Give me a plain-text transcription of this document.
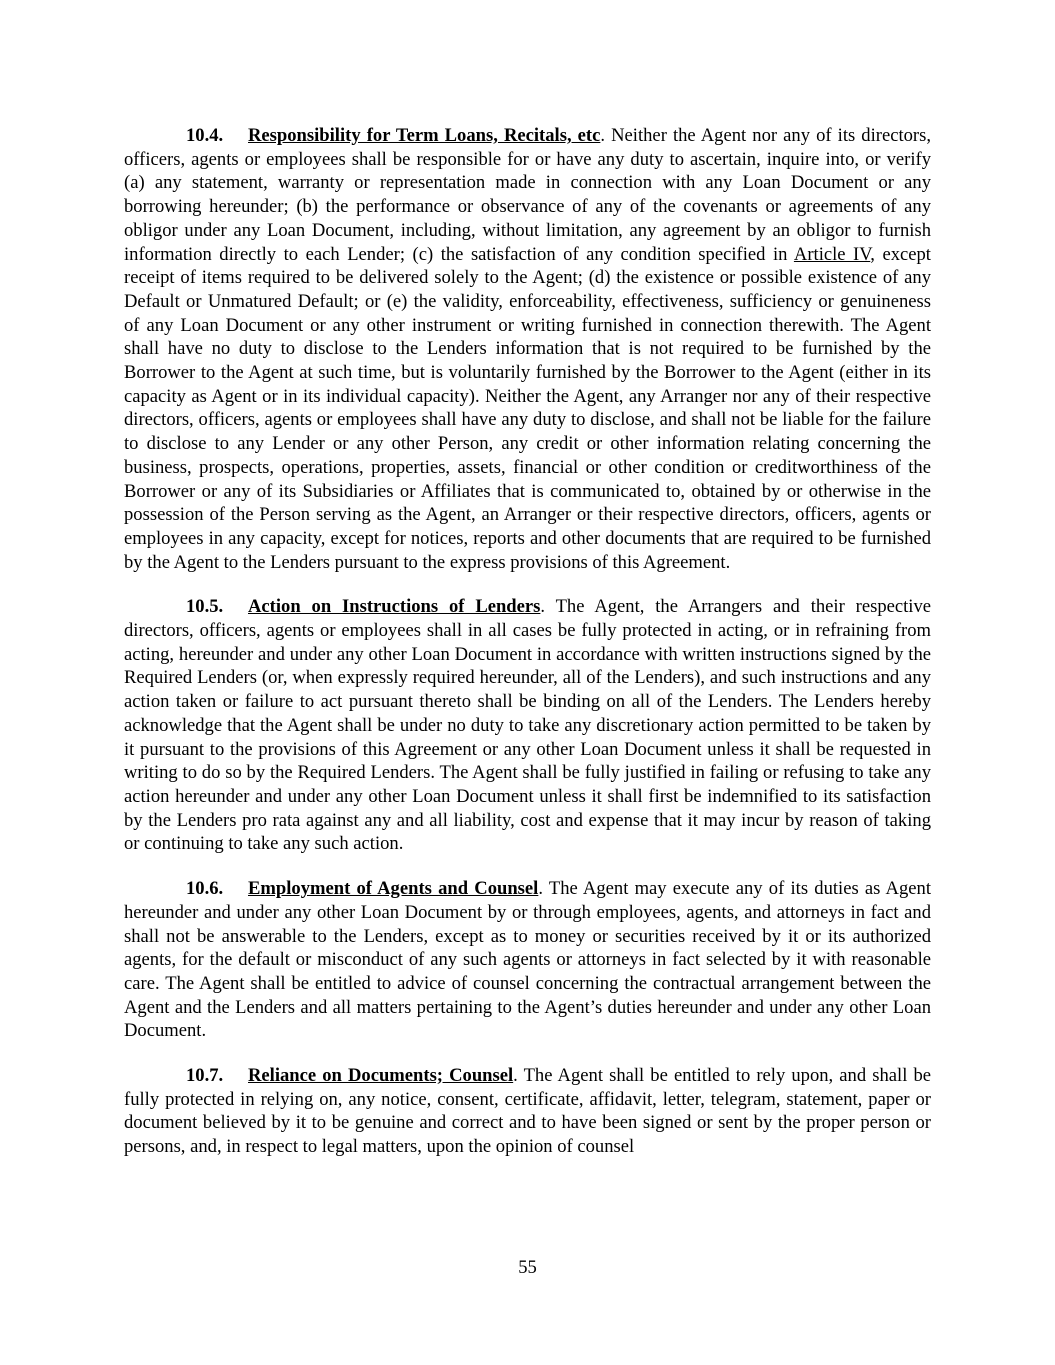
10.4. Responsibility for Term Loans, Recitals, etc. Neither the Agent nor any of its directors, officers, agents or employees shall be responsible for or have any duty to ascertain, inquire into, or verify (a) any statement, warranty or representation made in connection with any Loan Document or any borrowing hereunder; (b) the performance or observance of any of the covenants or agreements of any obligor under any Loan Document, including, without limitation, any agreement by an obligor to furnish information directly to each Lender; (c) the satisfaction of any condition specified in Article IV, except receipt of items required to be delivered solely to the Agent; (d) the existence or possible existence of any Default or Unmatured Default; or (e) the validity, enforceability, effectiveness, sufficiency or genuineness of any Loan Document or any other instrument or writing furnished in connection therewith. The Agent shall have no duty to disclose to the Lenders information that is not required to be furnished by the Borrower to the Agent at such time, but is voluntarily furnished by the Borrower to the Agent (either in its capacity as Agent or in its individual capacity). Neither the Agent, any Arranger nor any of their respective directors, officers, agents or employees shall have any duty to disclose, and shall not be liable for the failure to disclose to any Lender or any other Person, any credit or other information relating concerning the business, prospects, operations, properties, assets, financial or other condition or creditworthiness of the Borrower or any of its Subsidiaries or Affiliates that is communicated to, obtained by or otherwise in the possession of the Person serving as the Agent, an Arranger or their respective directors, officers, agents or employees in any capacity, except for notices, reports and other documents that are required to be furnished by the Agent to the Lenders pursuant to the express provisions of this Agreement.

10.5. Action on Instructions of Lenders. The Agent, the Arrangers and their respective directors, officers, agents or employees shall in all cases be fully protected in acting, or in refraining from acting, hereunder and under any other Loan Document in accordance with written instructions signed by the Required Lenders (or, when expressly required hereunder, all of the Lenders), and such instructions and any action taken or failure to act pursuant thereto shall be binding on all of the Lenders. The Lenders hereby acknowledge that the Agent shall be under no duty to take any discretionary action permitted to be taken by it pursuant to the provisions of this Agreement or any other Loan Document unless it shall be requested in writing to do so by the Required Lenders. The Agent shall be fully justified in failing or refusing to take any action hereunder and under any other Loan Document unless it shall first be indemnified to its satisfaction by the Lenders pro rata against any and all liability, cost and expense that it may incur by reason of taking or continuing to take any such action.

10.6. Employment of Agents and Counsel. The Agent may execute any of its duties as Agent hereunder and under any other Loan Document by or through employees, agents, and attorneys in fact and shall not be answerable to the Lenders, except as to money or securities received by it or its authorized agents, for the default or misconduct of any such agents or attorneys in fact selected by it with reasonable care. The Agent shall be entitled to advice of counsel concerning the contractual arrangement between the Agent and the Lenders and all matters pertaining to the Agent’s duties hereunder and under any other Loan Document.

10.7. Reliance on Documents; Counsel. The Agent shall be entitled to rely upon, and shall be fully protected in relying on, any notice, consent, certificate, affidavit, letter, telegram, statement, paper or document believed by it to be genuine and correct and to have been signed or sent by the proper person or persons, and, in respect to legal matters, upon the opinion of counsel

55
